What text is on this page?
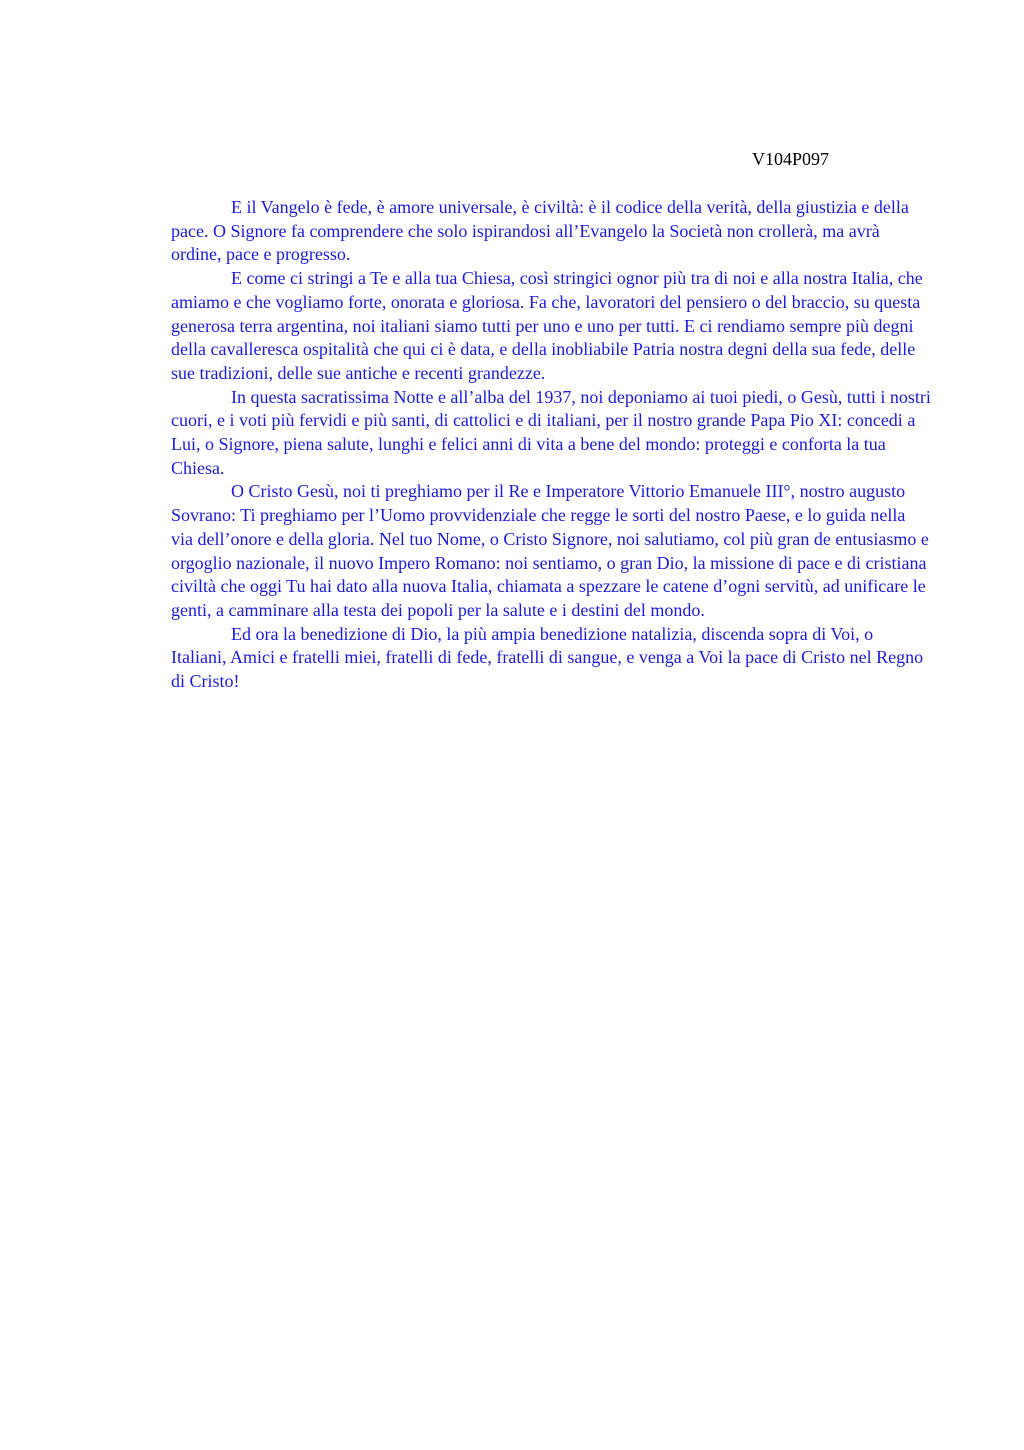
V104P097

E il Vangelo è fede, è amore universale, è civiltà: è il codice della verità, della giustizia e della pace. O Signore fa comprendere che solo ispirandosi all’Evangelo la Società non crollerà, ma avrà ordine, pace e progresso.

E come ci stringi a Te e alla tua Chiesa, così stringici ognor più tra di noi e alla nostra Italia, che amiamo e che vogliamo forte, onorata e gloriosa. Fa che, lavoratori del pensiero o del braccio, su questa generosa terra argentina, noi italiani siamo tutti per uno e uno per tutti. E ci rendiamo sempre più degni della cavalleresca ospitalità che qui ci è data, e della inobliabile Patria nostra degni della sua fede, delle sue tradizioni, delle sue antiche e recenti grandezze.

In questa sacratissima Notte e all’alba del 1937, noi deponiamo ai tuoi piedi, o Gesù, tutti i nostri cuori, e i voti più fervidi e più santi, di cattolici e di italiani, per il nostro grande Papa Pio XI: concedi a Lui, o Signore, piena salute, lunghi e felici anni di vita a bene del mondo: proteggi e conforta la tua Chiesa.

O Cristo Gesù, noi ti preghiamo per il Re e Imperatore Vittorio Emanuele III°, nostro augusto Sovrano: Ti preghiamo per l’Uomo provvidenziale che regge le sorti del nostro Paese, e lo guida nella via dell’onore e della gloria. Nel tuo Nome, o Cristo Signore, noi salutiamo, col più gran de entusiasmo e orgoglio nazionale, il nuovo Impero Romano: noi sentiamo, o gran Dio, la missione di pace e di cristiana civiltà che oggi Tu hai dato alla nuova Italia, chiamata a spezzare le catene d’ogni servitù, ad unificare le genti, a camminare alla testa dei popoli per la salute e i destini del mondo.

Ed ora la benedizione di Dio, la più ampia benedizione natalizia, discenda sopra di Voi, o Italiani, Amici e fratelli miei, fratelli di fede, fratelli di sangue, e venga a Voi la pace di Cristo nel Regno di Cristo!
